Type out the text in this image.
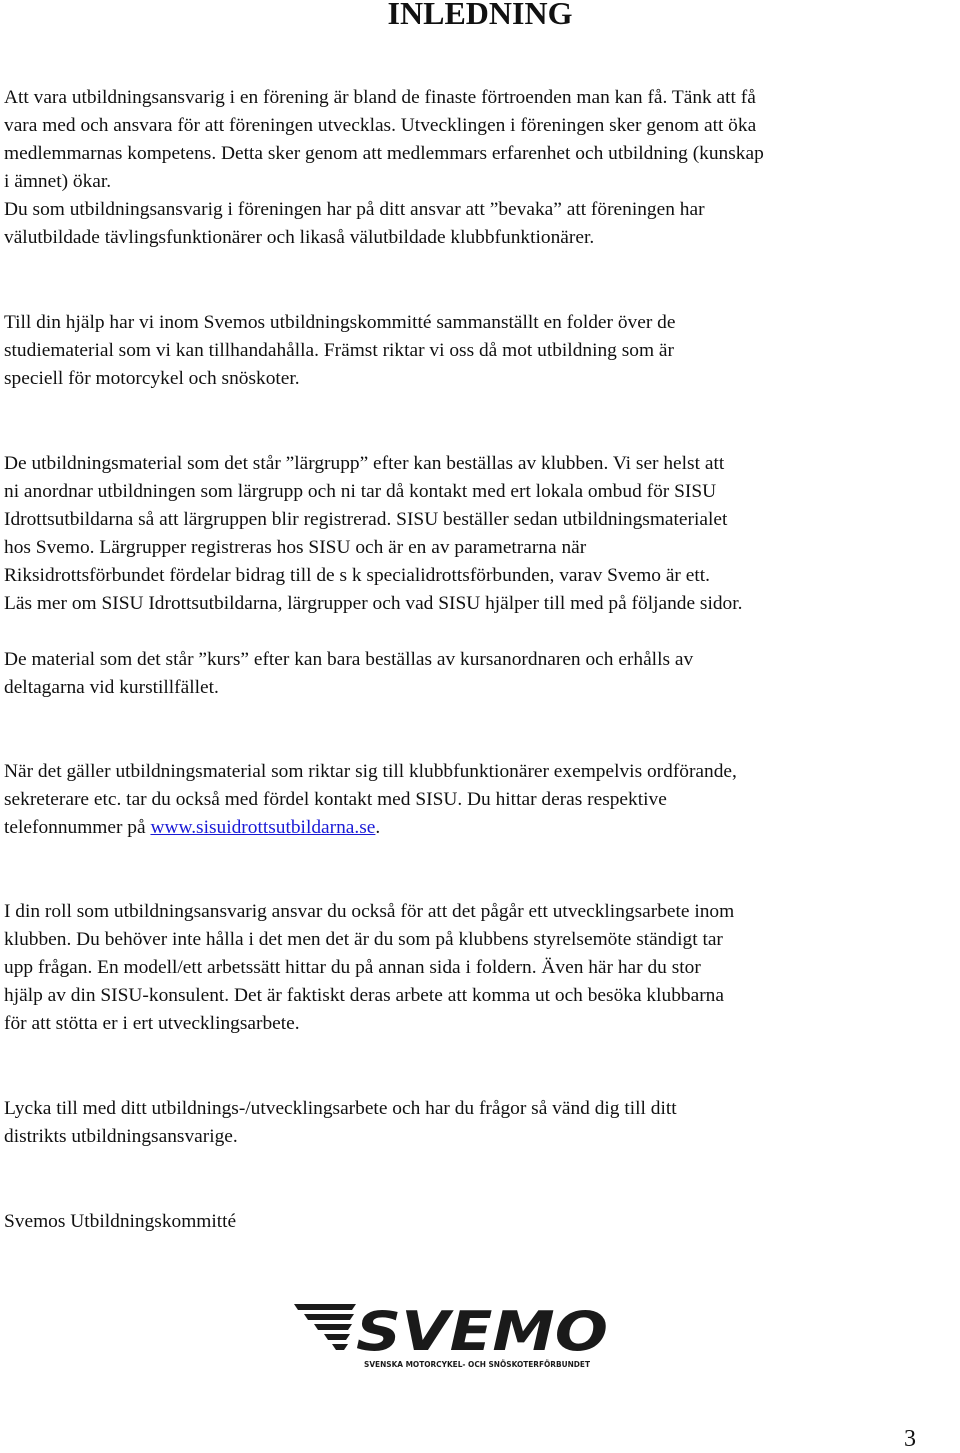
INLEDNING

Att vara utbildningsansvarig i en förening är bland de finaste förtroenden man kan få. Tänk att få
vara med och ansvara för att föreningen utvecklas. Utvecklingen i föreningen sker genom att öka
medlemmarnas kompetens. Detta sker genom att medlemmars erfarenhet och utbildning (kunskap
i ämnet) ökar.
Du som utbildningsansvarig i föreningen har på ditt ansvar att ”bevaka” att föreningen har
välutbildade tävlingsfunktionärer och likaså välutbildade klubbfunktionärer.

Till din hjälp har vi inom Svemos utbildningskommitté sammanställt en folder över de
studiematerial som vi kan tillhandahålla. Främst riktar vi oss då mot utbildning som är
speciell för motorcykel och snöskoter.

De utbildningsmaterial som det står ”lärgrupp” efter kan beställas av klubben. Vi ser helst att
ni anordnar utbildningen som lärgrupp och ni tar då kontakt med ert lokala ombud för SISU
Idrottsutbildarna så att lärgruppen blir registrerad. SISU beställer sedan utbildningsmaterialet
hos Svemo. Lärgrupper registreras hos SISU och är en av parametrarna när
Riksidrottsförbundet fördelar bidrag till de s k specialidrottsförbunden, varav Svemo är ett.
Läs mer om SISU Idrottsutbildarna, lärgrupper och vad SISU hjälper till med på följande sidor.

De material som det står ”kurs” efter kan bara beställas av kursanordnaren och erhålls av
deltagarna vid kurstillfället.

När det gäller utbildningsmaterial som riktar sig till klubbfunktionärer exempelvis ordförande,
sekreterare etc. tar du också med fördel kontakt med SISU. Du hittar deras respektive
telefonnummer på www.sisuidrottsutbildarna.se.

I din roll som utbildningsansvarig ansvar du också för att det pågår ett utvecklingsarbete inom
klubben. Du behöver inte hålla i det men det är du som på klubbens styrelsemöte ständigt tar
upp frågan. En modell/ett arbetssätt hittar du på annan sida i foldern. Även här har du stor
hjälp av din SISU-konsulent. Det är faktiskt deras arbete att komma ut och besöka klubbarna
för att stötta er i ert utvecklingsarbete.

Lycka till med ditt utbildnings-/utvecklingsarbete och har du frågor så vänd dig till ditt
distrikts utbildningsansvarige.

Svemos Utbildningskommitté

SVEMO
SVENSKA MOTORCYKEL- OCH SNÖSKOTERFÖRBUNDET
3
